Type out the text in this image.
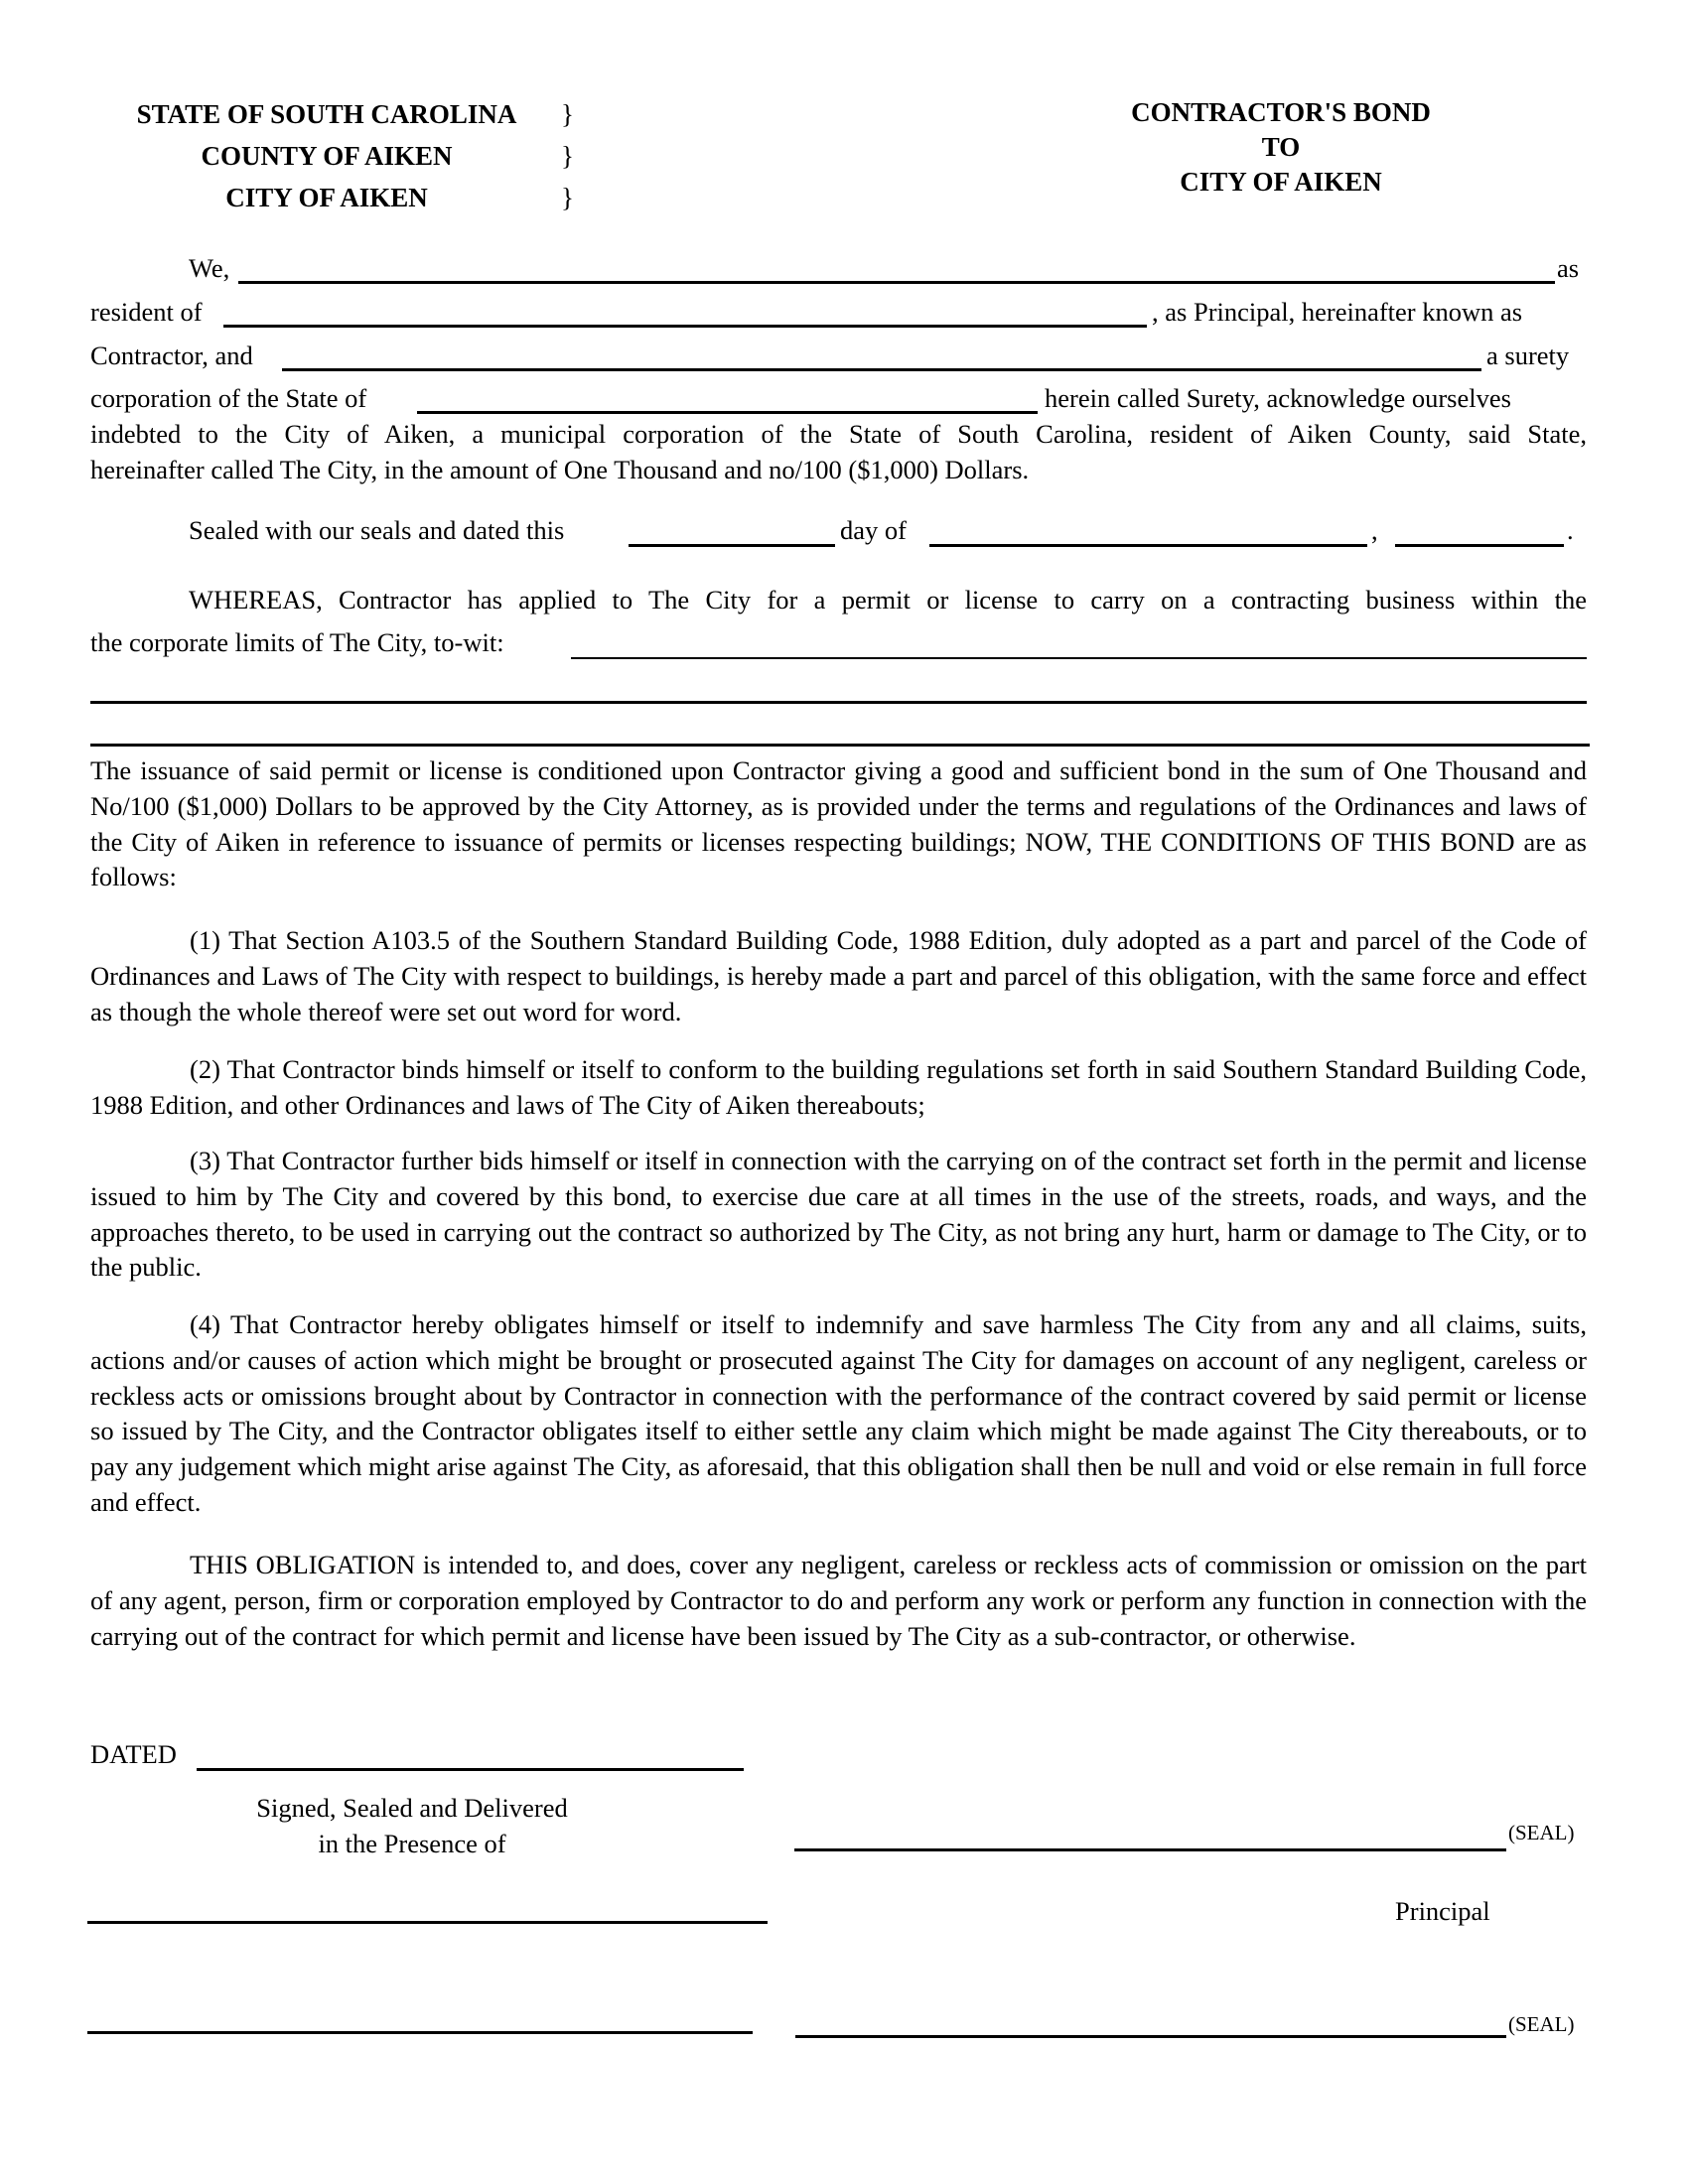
STATE OF SOUTH CAROLINA
COUNTY OF AIKEN
CITY OF AIKEN
}
}
}
CONTRACTOR'S BOND
TO
CITY OF AIKEN
We,	as
resident of	, as Principal, hereinafter known as
Contractor, and	a surety
corporation of the State of	herein called Surety, acknowledge ourselves
indebted to the City of Aiken, a municipal corporation of the State of South Carolina, resident of Aiken County, said State,
hereinafter called The City, in the amount of One Thousand and no/100 ($1,000) Dollars.
Sealed with our seals and dated this	day of	,	.
WHEREAS, Contractor has applied to The City for a permit or license to carry on a contracting business within the
the corporate limits of The City, to-wit:
The issuance of said permit or license is conditioned upon Contractor giving a good and sufficient bond in the sum of One Thousand and No/100 ($1,000) Dollars to be approved by the City Attorney, as is provided under the terms and regulations of the Ordinances and laws of the City of Aiken in reference to issuance of permits or licenses respecting buildings; NOW, THE CONDITIONS OF THIS BOND are as follows:
(1) That Section A103.5 of the Southern Standard Building Code, 1988 Edition, duly adopted as a part and parcel of the Code of Ordinances and Laws of The City with respect to buildings, is hereby made a part and parcel of this obligation, with the same force and effect as though the whole thereof were set out word for word.
(2) That Contractor binds himself or itself to conform to the building regulations set forth in said Southern Standard Building Code, 1988 Edition, and other Ordinances and laws of The City of Aiken thereabouts;
(3) That Contractor further bids himself or itself in connection with the carrying on of the contract set forth in the permit and license issued to him by The City and covered by this bond, to exercise due care at all times in the use of the streets, roads, and ways, and the approaches thereto, to be used in carrying out the contract so authorized by The City, as not bring any hurt, harm or damage to The City, or to the public.
(4) That Contractor hereby obligates himself or itself to indemnify and save harmless The City from any and all claims, suits, actions and/or causes of action which might be brought or prosecuted against The City for damages on account of any negligent, careless or reckless acts or omissions brought about by Contractor in connection with the performance of the contract covered by said permit or license so issued by The City, and the Contractor obligates itself to either settle any claim which might be made against The City thereabouts, or to pay any judgement which might arise against The City, as aforesaid, that this obligation shall then be null and void or else remain in full force and effect.
THIS OBLIGATION is intended to, and does, cover any negligent, careless or reckless acts of commission or omission on the part of any agent, person, firm or corporation employed by Contractor to do and perform any work or perform any function in connection with the carrying out of the contract for which permit and license have been issued by The City as a sub-contractor, or otherwise.
DATED
Signed, Sealed and Delivered
in the Presence of	(SEAL)
Principal
(SEAL)
